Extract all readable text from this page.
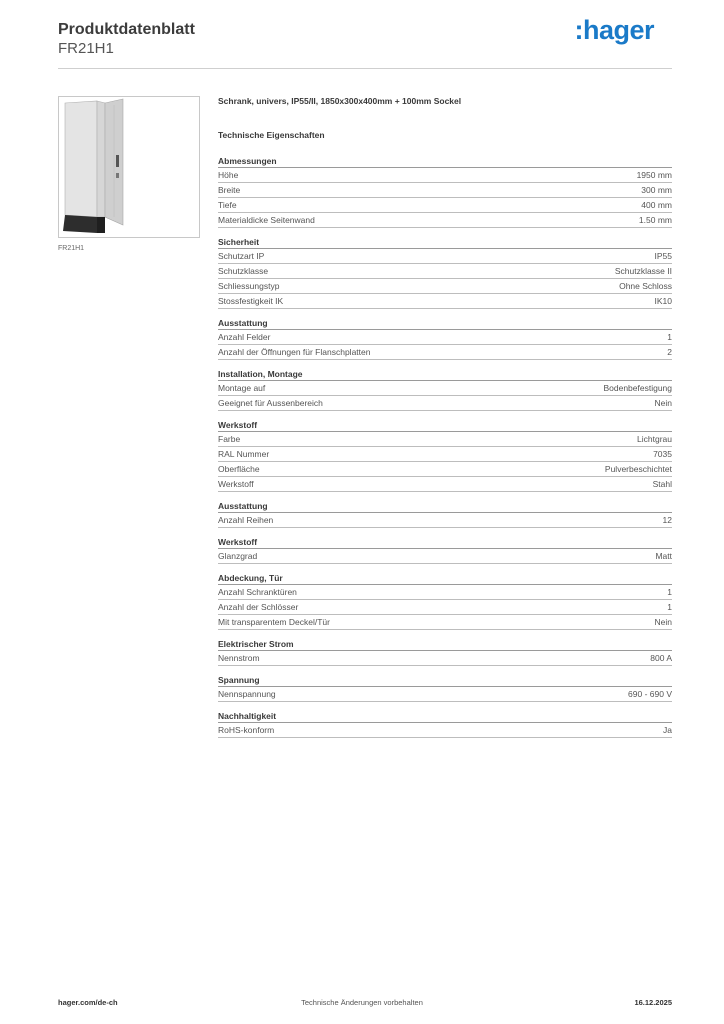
Produktdatenblatt
FR21H1
:hager
FR21H1
Schrank, univers, IP55/II, 1850x300x400mm + 100mm Sockel
Technische Eigenschaften
Abmessungen
Höhe	1950 mm
Breite	300 mm
Tiefe	400 mm
Materialdicke Seitenwand	1.50 mm
Sicherheit
Schutzart IP	IP55
Schutzklasse	Schutzklasse II
Schliessungstyp	Ohne Schloss
Stossfestigkeit IK	IK10
Ausstattung
Anzahl Felder	1
Anzahl der Öffnungen für Flanschplatten	2
Installation, Montage
Montage auf	Bodenbefestigung
Geeignet für Aussenbereich	Nein
Werkstoff
Farbe	Lichtgrau
RAL Nummer	7035
Oberfläche	Pulverbeschichtet
Werkstoff	Stahl
Ausstattung
Anzahl Reihen	12
Werkstoff
Glanzgrad	Matt
Abdeckung, Tür
Anzahl Schranktüren	1
Anzahl der Schlösser	1
Mit transparentem Deckel/Tür	Nein
Elektrischer Strom
Nennstrom	800 A
Spannung
Nennspannung	690 - 690 V
Nachhaltigkeit
RoHS-konform	Ja
hager.com/de-ch	Technische Änderungen vorbehalten	16.12.2025
